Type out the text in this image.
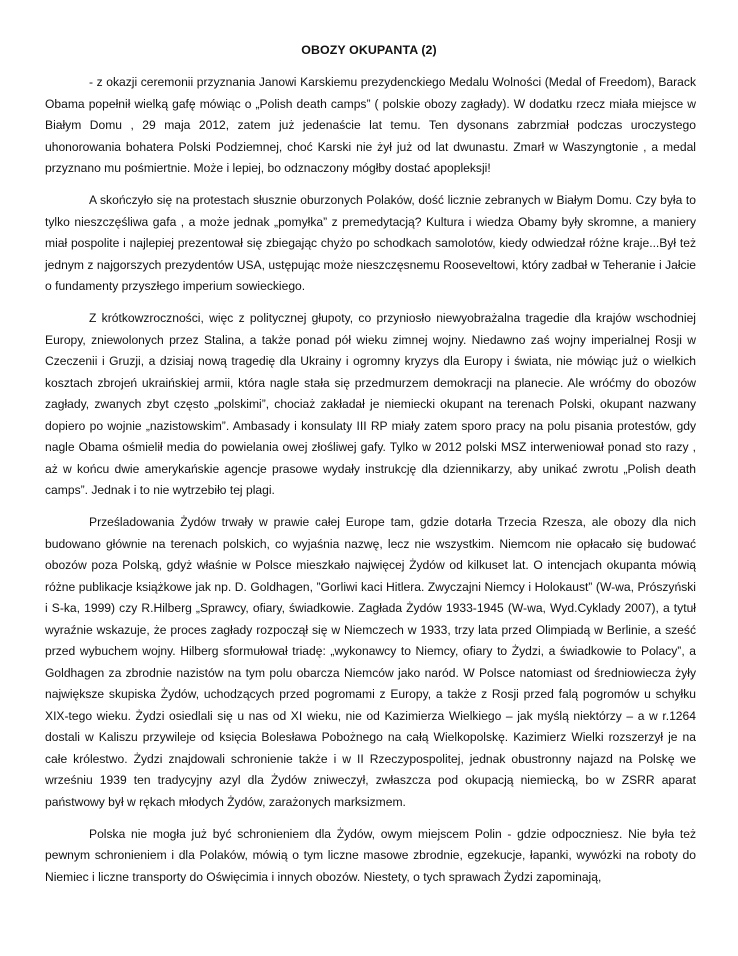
OBOZY OKUPANTA (2)

- z okazji ceremonii przyznania Janowi Karskiemu prezydenckiego Medalu Wolności (Medal of Freedom), Barack Obama popełnił wielką gafę mówiąc o „Polish death camps” ( polskie obozy zagłady). W dodatku rzecz miała miejsce w Białym Domu , 29 maja 2012, zatem już jedenaście lat temu. Ten dysonans zabrzmiał podczas uroczystego uhonorowania bohatera Polski Podziemnej, choć Karski nie żył już od lat dwunastu. Zmarł w Waszyngtonie , a medal przyznano mu pośmiertnie. Może i lepiej, bo odznaczony mógłby dostać apopleksji!

A skończyło się na protestach słusznie oburzonych Polaków, dość licznie zebranych w Białym Domu. Czy była to tylko nieszczęśliwa gafa , a może jednak „pomyłka” z premedytacją? Kultura i wiedza Obamy były skromne, a maniery miał pospolite i najlepiej prezentował się zbiegając chyżo po schodkach samolotów, kiedy odwiedzał różne kraje...Był też jednym z najgorszych prezydentów USA, ustępując może nieszczęsnemu Rooseveltowi, który zadbał w Teheranie i Jałcie o fundamenty przyszłego imperium sowieckiego.

Z krótkowzroczności, więc z politycznej głupoty, co przyniosło niewyobrażalna tragedie dla krajów wschodniej Europy, zniewolonych przez Stalina, a także ponad pół wieku zimnej wojny. Niedawno zaś wojny imperialnej Rosji w Czeczenii i Gruzji, a dzisiaj nową tragedię dla Ukrainy i ogromny kryzys dla Europy i świata, nie mówiąc już o wielkich kosztach zbrojeń ukraińskiej armii, która nagle stała się przedmurzem demokracji na planecie. Ale wróćmy do obozów zagłady, zwanych zbyt często „polskimi”, chociaż zakładał je niemiecki okupant na terenach Polski, okupant nazwany dopiero po wojnie „nazistowskim”. Ambasady i konsulaty III RP miały zatem sporo pracy na polu pisania protestów, gdy nagle Obama ośmielił media do powielania owej złośliwej gafy. Tylko w 2012 polski MSZ interweniował ponad sto razy , aż w końcu dwie amerykańskie agencje prasowe wydały instrukcję dla dziennikarzy, aby unikać zwrotu „Polish death camps”. Jednak i to nie wytrzebiło tej plagi.

Prześladowania Żydów trwały w prawie całej Europe tam, gdzie dotarła Trzecia Rzesza, ale obozy dla nich budowano głównie na terenach polskich, co wyjaśnia nazwę, lecz nie wszystkim. Niemcom nie opłacało się budować obozów poza Polską, gdyż właśnie w Polsce mieszkało najwięcej Żydów od kilkuset lat. O intencjach okupanta mówią różne publikacje książkowe jak np. D. Goldhagen, ”Gorliwi kaci Hitlera. Zwyczajni Niemcy i Holokaust” (W-wa, Prószyński i S-ka, 1999) czy R.Hilberg „Sprawcy, ofiary, świadkowie. Zagłada Żydów 1933-1945 (W-wa, Wyd.Cyklady 2007), a tytuł wyraźnie wskazuje, że proces zagłady rozpoczął się w Niemczech w 1933, trzy lata przed Olimpiadą w Berlinie, a sześć przed wybuchem wojny. Hilberg sformułował triadę: „wykonawcy to Niemcy, ofiary to Żydzi, a świadkowie to Polacy”, a Goldhagen za zbrodnie nazistów na tym polu obarcza Niemców jako naród. W Polsce natomiast od średniowiecza żyły największe skupiska Żydów, uchodzących przed pogromami z Europy, a także z Rosji przed falą pogromów u schyłku XIX-tego wieku. Żydzi osiedlali się u nas od XI wieku, nie od Kazimierza Wielkiego – jak myślą niektórzy – a w r.1264 dostali w Kaliszu przywileje od księcia Bolesława Pobożnego na całą Wielkopolskę. Kazimierz Wielki rozszerzył je na całe królestwo. Żydzi znajdowali schronienie także i w II Rzeczypospolitej, jednak obustronny najazd na Polskę we wrześniu 1939 ten tradycyjny azyl dla Żydów zniweczył, zwłaszcza pod okupacją niemiecką, bo w ZSRR aparat państwowy był w rękach młodych Żydów, zarażonych marksizmem.

Polska nie mogła już być schronieniem dla Żydów, owym miejscem Polin - gdzie odpoczniesz. Nie była też pewnym schronieniem i dla Polaków, mówią o tym liczne masowe zbrodnie, egzekucje, łapanki, wywózki na roboty do Niemiec i liczne transporty do Oświęcimia i innych obozów. Niestety, o tych sprawach Żydzi zapominają,
